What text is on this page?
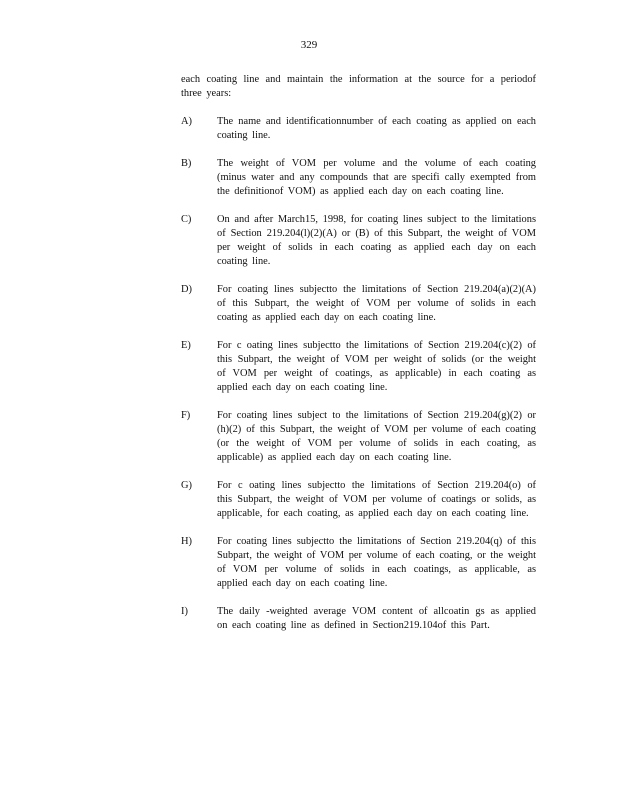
329
each coating line and maintain the information at the source for a periodof three years:
A)	The name and identificationnumber of each coating as applied on each coating line.
B)	The weight of VOM per volume and the volume of each coating (minus water and any compounds that are specifi cally exempted from the definitionof VOM) as applied each day on each coating line.
C)	On and after March15, 1998, for coating lines subject to the limitations of Section 219.204(l)(2)(A) or (B) of this Subpart, the weight of VOM per weight of solids in each coating as applied each day on each coating line.
D)	For coating lines subjectto the limitations of Section 219.204(a)(2)(A) of this Subpart, the weight of VOM per volume of solids in each coating as applied each day on each coating line.
E)	For c oating lines subjectto the limitations of Section 219.204(c)(2) of this Subpart, the weight of VOM per weight of solids (or the weight of VOM per weight of coatings, as applicable) in each coating as applied each day on each coating line.
F)	For coating lines subject to the limitations of Section 219.204(g)(2) or (h)(2) of this Subpart, the weight of VOM per volume of each coating (or the weight of VOM per volume of solids in each coating, as applicable) as applied each day on each coating line.
G)	For c oating lines subjectto the limitations of Section 219.204(o) of this Subpart, the weight of VOM per volume of coatings or solids, as applicable, for each coating, as applied each day on each coating line.
H)	For coating lines subjectto the limitations of Section 219.204(q) of this Subpart, the weight of VOM per volume of each coating, or the weight of VOM per volume of solids in each coatings, as applicable, as applied each day on each coating line.
I)	The daily -weighted average VOM content of allcoatin gs as applied on each coating line as defined in Section219.104of this Part.
